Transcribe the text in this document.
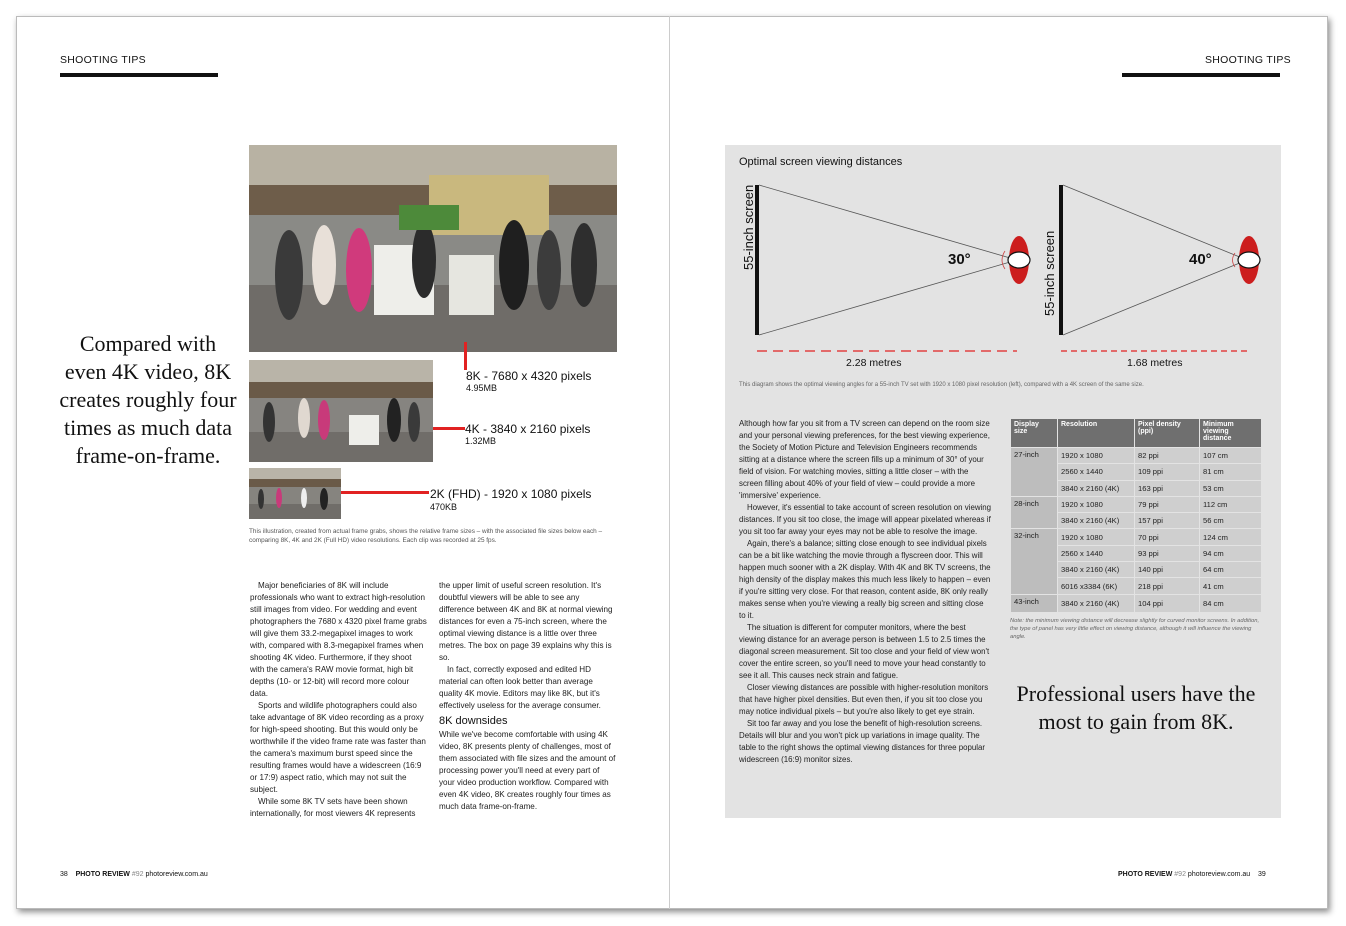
SHOOTING TIPS
Compared with even 4K video, 8K creates roughly four times as much data frame-on-frame.
8K - 7680 x 4320 pixels
4.95MB
4K - 3840 x 2160 pixels
1.32MB
2K (FHD) - 1920 x 1080 pixels
470KB
This illustration, created from actual frame grabs, shows the relative frame sizes – with the associated file sizes below each – comparing 8K, 4K and 2K (Full HD) video resolutions. Each clip was recorded at 25 fps.

Major beneficiaries of 8K will include professionals who want to extract high-resolution still images from video. For wedding and event photographers the 7680 x 4320 pixel frame grabs will give them 33.2-megapixel images to work with, compared with 8.3-megapixel frames when shooting 4K video. Furthermore, if they shoot with the camera's RAW movie format, high bit depths (10- or 12-bit) will record more colour data.

Sports and wildlife photographers could also take advantage of 8K video recording as a proxy for high-speed shooting. But this would only be worthwhile if the video frame rate was faster than the camera's maximum burst speed since the resulting frames would have a widescreen (16:9 or 17:9) aspect ratio, which may not suit the subject.

While some 8K TV sets have been shown internationally, for most viewers 4K represents

the upper limit of useful screen resolution. It's doubtful viewers will be able to see any difference between 4K and 8K at normal viewing distances for even a 75-inch screen, where the optimal viewing distance is a little over three metres. The box on page 39 explains why this is so.

In fact, correctly exposed and edited HD material can often look better than average quality 4K movie. Editors may like 8K, but it's effectively useless for the average consumer.

8K downsides

While we've become comfortable with using 4K video, 8K presents plenty of challenges, most of them associated with file sizes and the amount of processing power you'll need at every part of your video production workflow. Compared with even 4K video, 8K creates roughly four times as much data frame-on-frame.

38 PHOTO REVIEW #92 photoreview.com.au
SHOOTING TIPS
Optimal screen viewing distances
55-inch screen
55-inch screen
30°	40°
2.28 metres	1.68 metres
This diagram shows the optimal viewing angles for a 55-inch TV set with 1920 x 1080 pixel resolution (left), compared with a 4K screen of the same size.

Although how far you sit from a TV screen can depend on the room size and your personal viewing preferences, for the best viewing experience, the Society of Motion Picture and Television Engineers recommends sitting at a distance where the screen fills up a minimum of 30° of your field of vision. For watching movies, sitting a little closer – with the screen filling about 40% of your field of view – could provide a more 'immersive' experience.

However, it's essential to take account of screen resolution on viewing distances. If you sit too close, the image will appear pixelated whereas if you sit too far away your eyes may not be able to resolve the image.

Again, there's a balance; sitting close enough to see individual pixels can be a bit like watching the movie through a flyscreen door. This will happen much sooner with a 2K display. With 4K and 8K TV screens, the high density of the display makes this much less likely to happen – even if you're sitting very close. For that reason, content aside, 8K only really makes sense when you're viewing a really big screen and sitting close to it.

The situation is different for computer monitors, where the best viewing distance for an average person is between 1.5 to 2.5 times the diagonal screen measurement. Sit too close and your field of view won't cover the entire screen, so you'll need to move your head constantly to see it all. This causes neck strain and fatigue.

Closer viewing distances are possible with higher-resolution monitors that have higher pixel densities. But even then, if you sit too close you may notice individual pixels – but you're also likely to get eye strain.

Sit too far away and you lose the benefit of high-resolution screens. Details will blur and you won't pick up variations in image quality. The table to the right shows the optimal viewing distances for three popular widescreen (16:9) monitor sizes.

Display size	Resolution	Pixel density (ppi)	Minimum viewing distance
27-inch	1920 x 1080	82 ppi	107 cm
	2560 x 1440	109 ppi	81 cm
	3840 x 2160 (4K)	163 ppi	53 cm
28-inch	1920 x 1080	79 ppi	112 cm
	3840 x 2160 (4K)	157 ppi	56 cm
32-inch	1920 x 1080	70 ppi	124 cm
	2560 x 1440	93 ppi	94 cm
	3840 x 2160 (4K)	140 ppi	64 cm
	6016 x3384 (6K)	218 ppi	41 cm
43-inch	3840 x 2160 (4K)	104 ppi	84 cm
Note: the minimum viewing distance will decrease slightly for curved monitor screens. In addition, the type of panel has very little effect on viewing distance, although it will influence the viewing angle.
Professional users have the most to gain from 8K.
PHOTO REVIEW #92 photoreview.com.au 39
